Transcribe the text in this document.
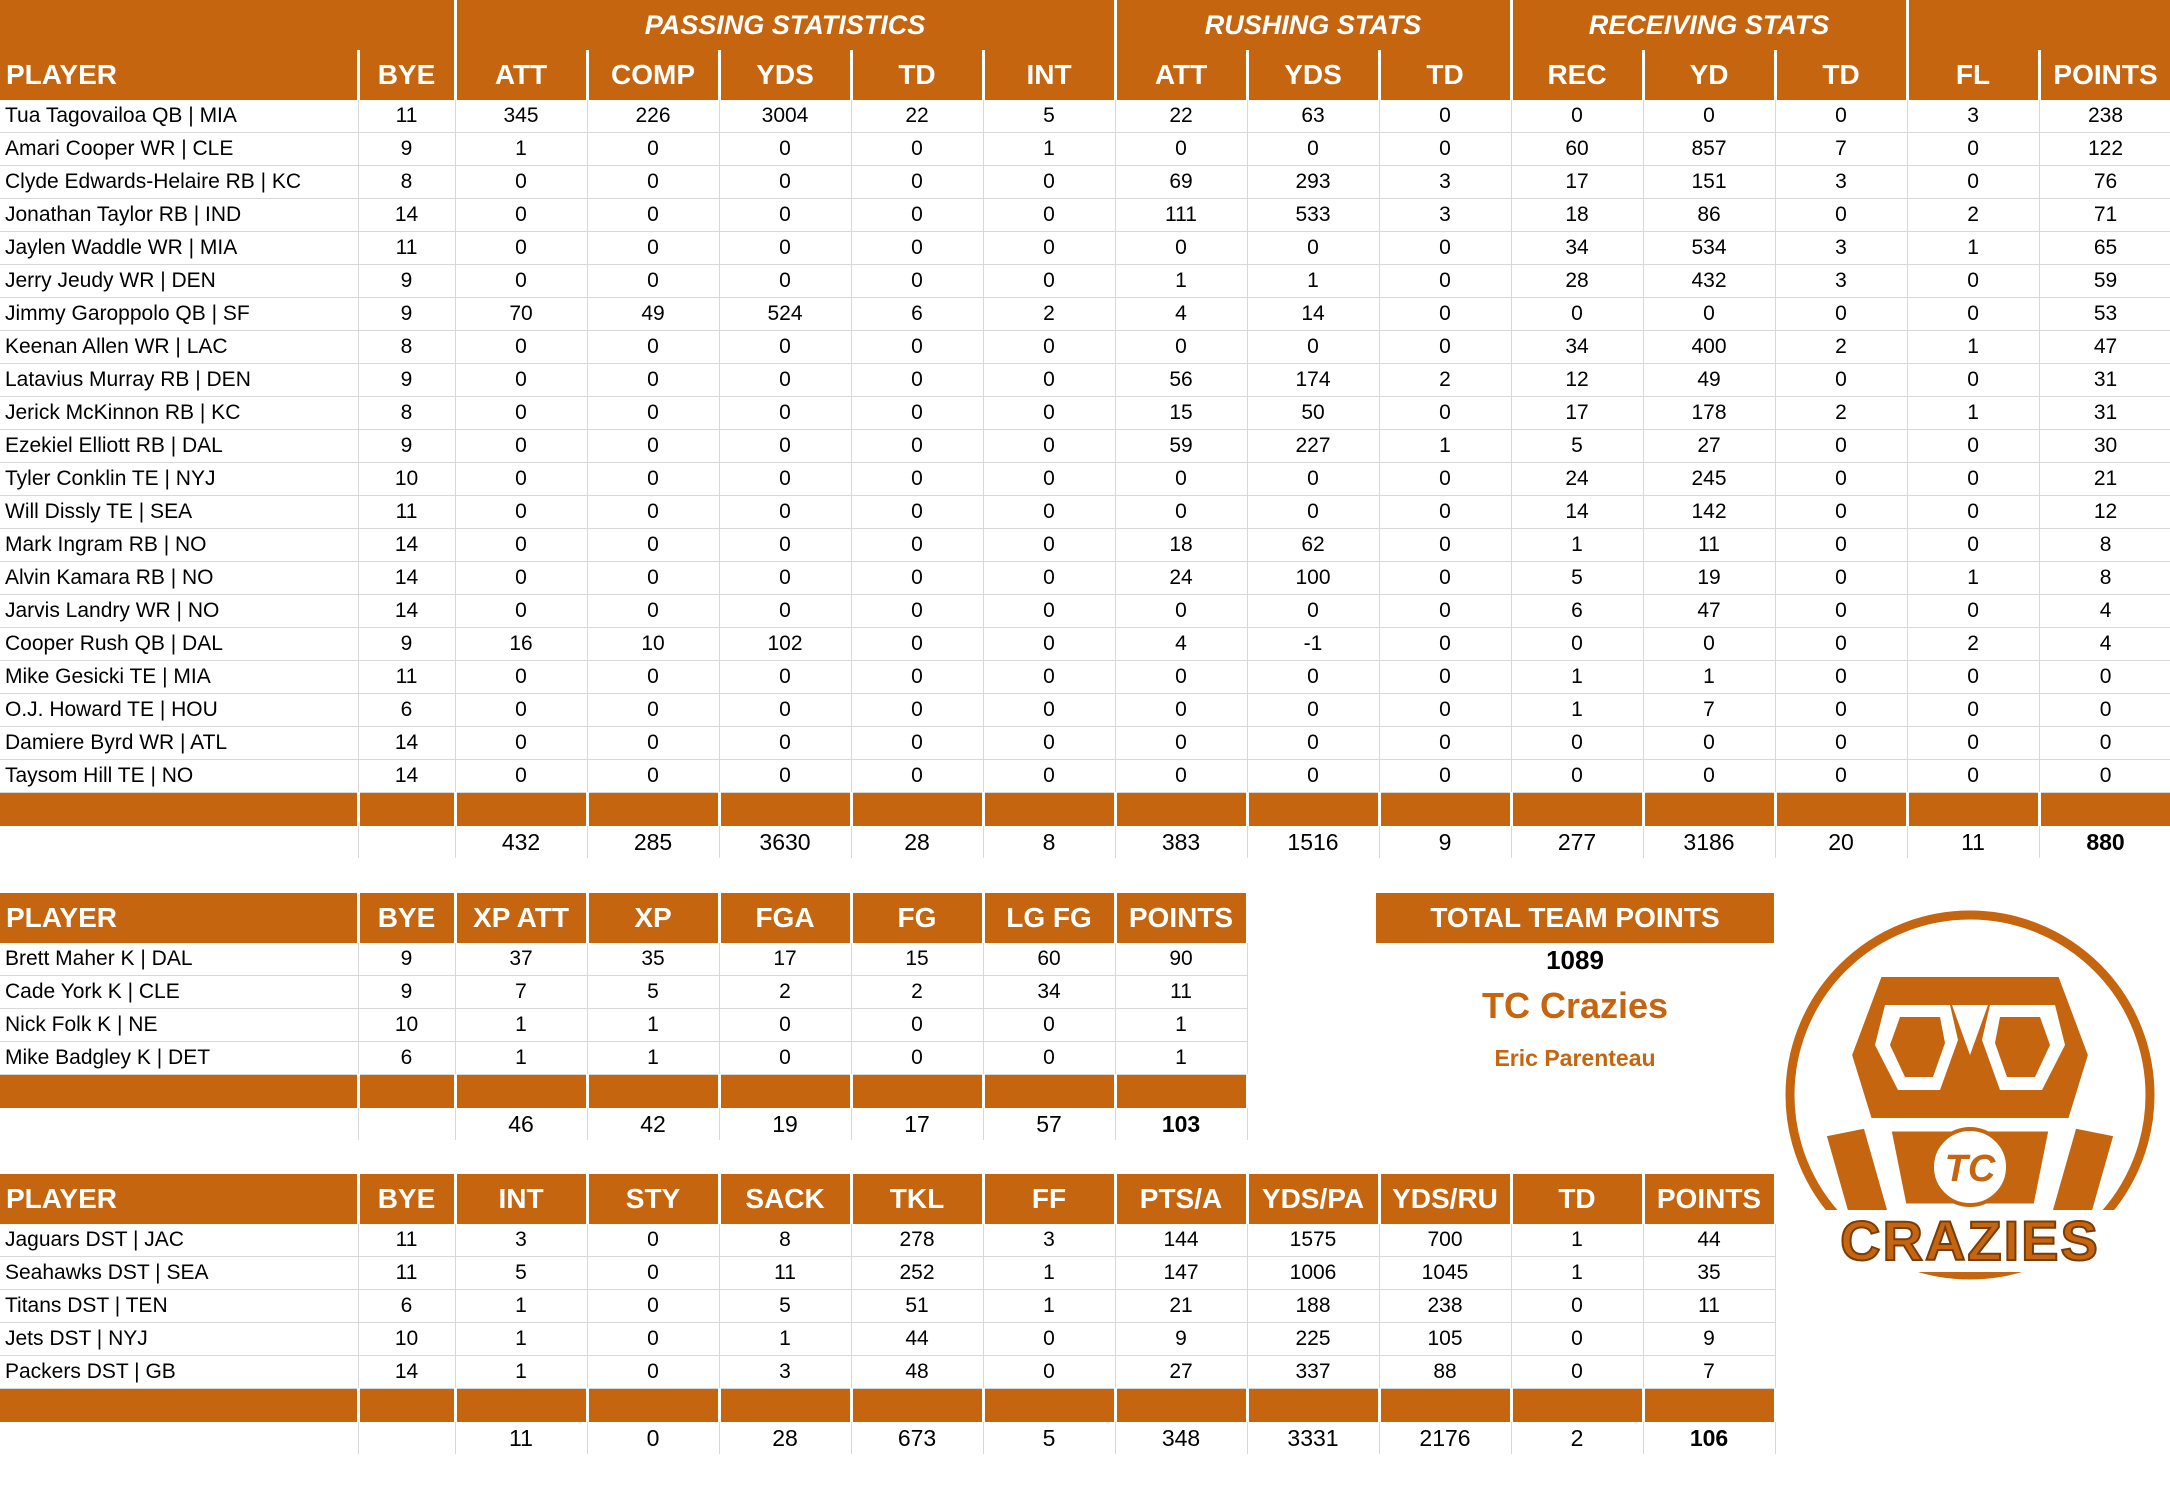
		PASSING STATISTICS					RUSHING STATS			RECEIVING STATS				
PLAYER	BYE	ATT	COMP	YDS	TD	INT	ATT	YDS	TD	REC	YD	TD	FL	POINTS
Tua Tagovailoa QB | MIA	11	345	226	3004	22	5	22	63	0	0	0	0	3	238
Amari Cooper WR | CLE	9	1	0	0	0	1	0	0	0	60	857	7	0	122
Clyde Edwards-Helaire RB | KC	8	0	0	0	0	0	69	293	3	17	151	3	0	76
Jonathan Taylor RB | IND	14	0	0	0	0	0	111	533	3	18	86	0	2	71
Jaylen Waddle WR | MIA	11	0	0	0	0	0	0	0	0	34	534	3	1	65
Jerry Jeudy WR | DEN	9	0	0	0	0	0	1	1	0	28	432	3	0	59
Jimmy Garoppolo QB | SF	9	70	49	524	6	2	4	14	0	0	0	0	0	53
Keenan Allen WR | LAC	8	0	0	0	0	0	0	0	0	34	400	2	1	47
Latavius Murray RB | DEN	9	0	0	0	0	0	56	174	2	12	49	0	0	31
Jerick McKinnon RB | KC	8	0	0	0	0	0	15	50	0	17	178	2	1	31
Ezekiel Elliott RB | DAL	9	0	0	0	0	0	59	227	1	5	27	0	0	30
Tyler Conklin TE | NYJ	10	0	0	0	0	0	0	0	0	24	245	0	0	21
Will Dissly TE | SEA	11	0	0	0	0	0	0	0	0	14	142	0	0	12
Mark Ingram RB | NO	14	0	0	0	0	0	18	62	0	1	11	0	0	8
Alvin Kamara RB | NO	14	0	0	0	0	0	24	100	0	5	19	0	1	8
Jarvis Landry WR | NO	14	0	0	0	0	0	0	0	0	6	47	0	0	4
Cooper Rush QB | DAL	9	16	10	102	0	0	4	-1	0	0	0	0	2	4
Mike Gesicki TE | MIA	11	0	0	0	0	0	0	0	0	1	1	0	0	0
O.J. Howard TE | HOU	6	0	0	0	0	0	0	0	0	1	7	0	0	0
Damiere Byrd WR | ATL	14	0	0	0	0	0	0	0	0	0	0	0	0	0
Taysom Hill TE | NO	14	0	0	0	0	0	0	0	0	0	0	0	0	0

		432	285	3630	28	8	383	1516	9	277	3186	20	11	880
PLAYER	BYE	XP ATT	XP	FGA	FG	LG FG	POINTS
Brett Maher K | DAL	9	37	35	17	15	60	90
Cade York K | CLE	9	7	5	2	2	34	11
Nick Folk K | NE	10	1	1	0	0	0	1
Mike Badgley K | DET	6	1	1	0	0	0	1

		46	42	19	17	57	103
PLAYER	BYE	INT	STY	SACK	TKL	FF	PTS/A	YDS/PA	YDS/RU	TD	POINTS
Jaguars DST | JAC	11	3	0	8	278	3	144	1575	700	1	44
Seahawks DST | SEA	11	5	0	11	252	1	147	1006	1045	1	35
Titans DST | TEN	6	1	0	5	51	1	21	188	238	0	11
Jets DST | NYJ	10	1	0	1	44	0	9	225	105	0	9
Packers DST | GB	14	1	0	3	48	0	27	337	88	0	7

		11	0	28	673	5	348	3331	2176	2	106
TOTAL TEAM POINTS
1089
TC Crazies
Eric Parenteau
TC
CRAZIES
